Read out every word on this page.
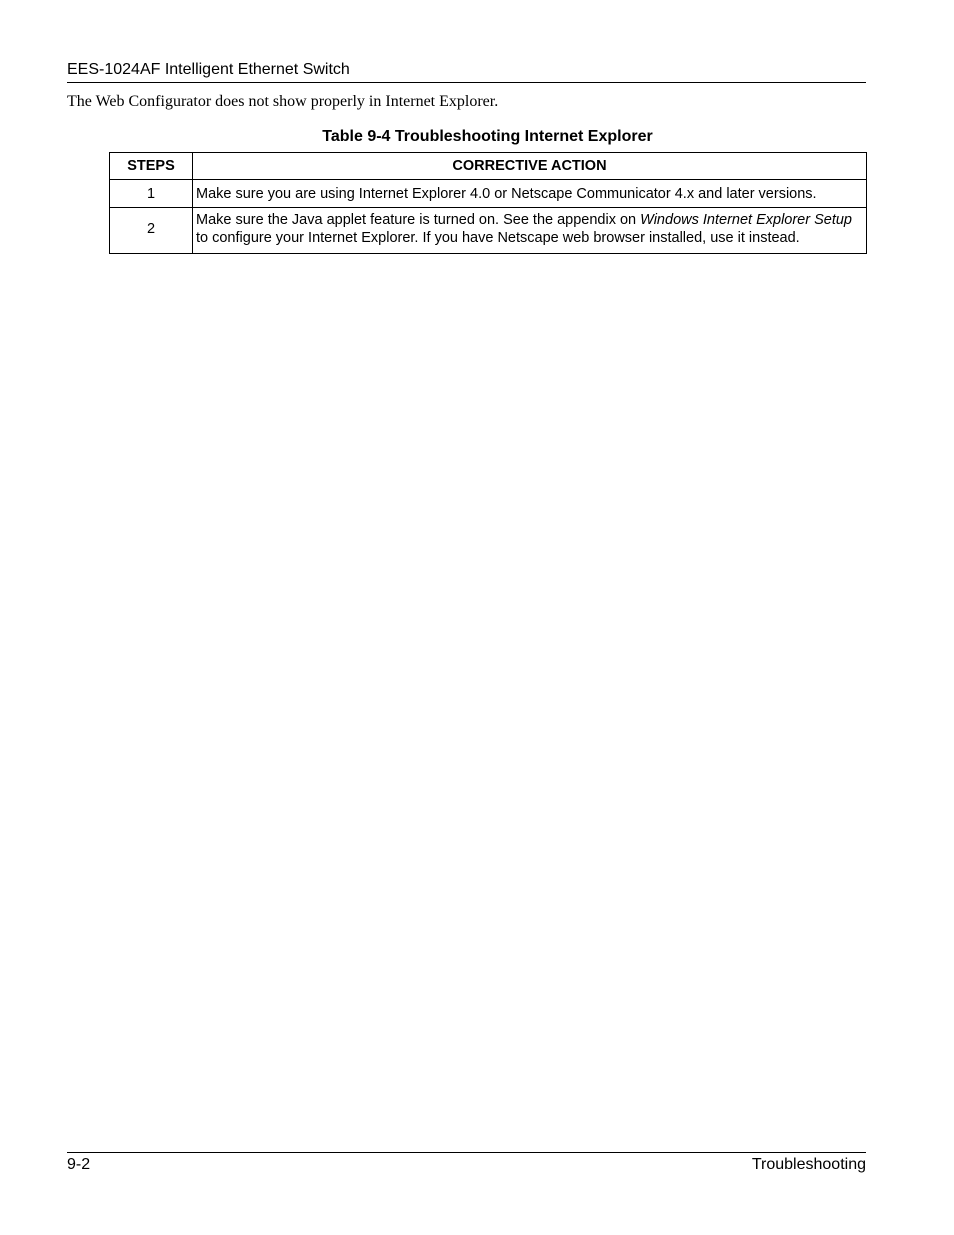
EES-1024AF Intelligent Ethernet Switch
The Web Configurator does not show properly in Internet Explorer.
Table 9-4 Troubleshooting Internet Explorer
STEPS	CORRECTIVE ACTION
1	Make sure you are using Internet Explorer 4.0 or Netscape Communicator 4.x and later versions.
2	Make sure the Java applet feature is turned on. See the appendix on Windows Internet Explorer Setup to configure your Internet Explorer. If you have Netscape web browser installed, use it instead.
9-2	Troubleshooting
